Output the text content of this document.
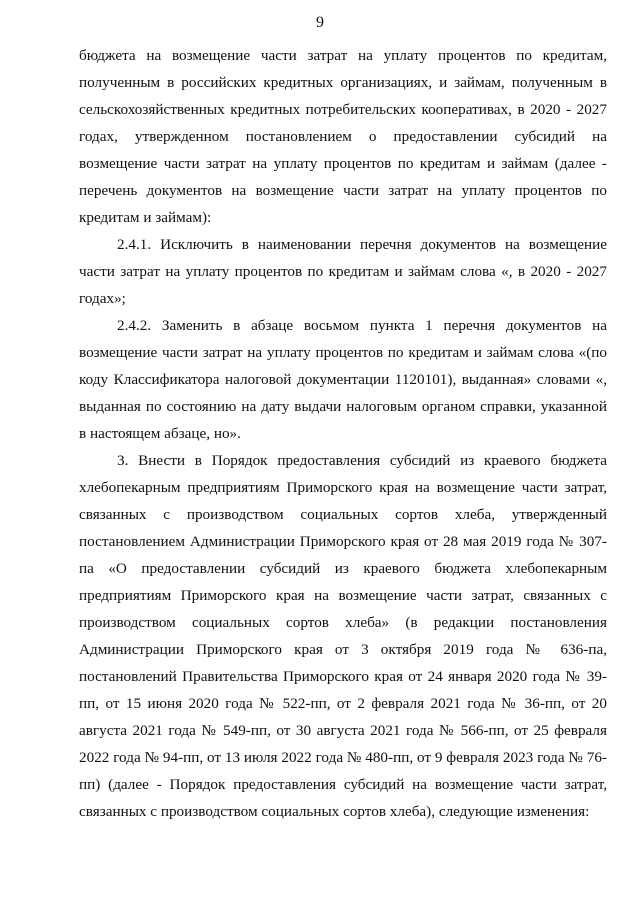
9

бюджета на возмещение части затрат на уплату процентов по кредитам, полученным в российских кредитных организациях, и займам, полученным в сельскохозяйственных кредитных потребительских кооперативах, в 2020 - 2027 годах, утвержденном постановлением о предоставлении субсидий на возмещение части затрат на уплату процентов по кредитам и займам (далее - перечень документов на возмещение части затрат на уплату процентов по кредитам и займам):

2.4.1. Исключить в наименовании перечня документов на возмещение части затрат на уплату процентов по кредитам и займам слова «, в 2020 - 2027 годах»;

2.4.2. Заменить в абзаце восьмом пункта 1 перечня документов на возмещение части затрат на уплату процентов по кредитам и займам слова «(по коду Классификатора налоговой документации 1120101), выданная» словами «, выданная по состоянию на дату выдачи налоговым органом справки, указанной в настоящем абзаце, но».

3. Внести в Порядок предоставления субсидий из краевого бюджета хлебопекарным предприятиям Приморского края на возмещение части затрат, связанных с производством социальных сортов хлеба, утвержденный постановлением Администрации Приморского края от 28 мая 2019 года № 307-па «О предоставлении субсидий из краевого бюджета хлебопекарным предприятиям Приморского края на возмещение части затрат, связанных с производством социальных сортов хлеба» (в редакции постановления Администрации Приморского края от 3 октября 2019 года № 636-па, постановлений Правительства Приморского края от 24 января 2020 года № 39-пп, от 15 июня 2020 года № 522-пп, от 2 февраля 2021 года № 36-пп, от 20 августа 2021 года № 549-пп, от 30 августа 2021 года № 566-пп, от 25 февраля 2022 года № 94-пп, от 13 июля 2022 года № 480-пп, от 9 февраля 2023 года № 76-пп) (далее - Порядок предоставления субсидий на возмещение части затрат, связанных с производством социальных сортов хлеба), следующие изменения:
